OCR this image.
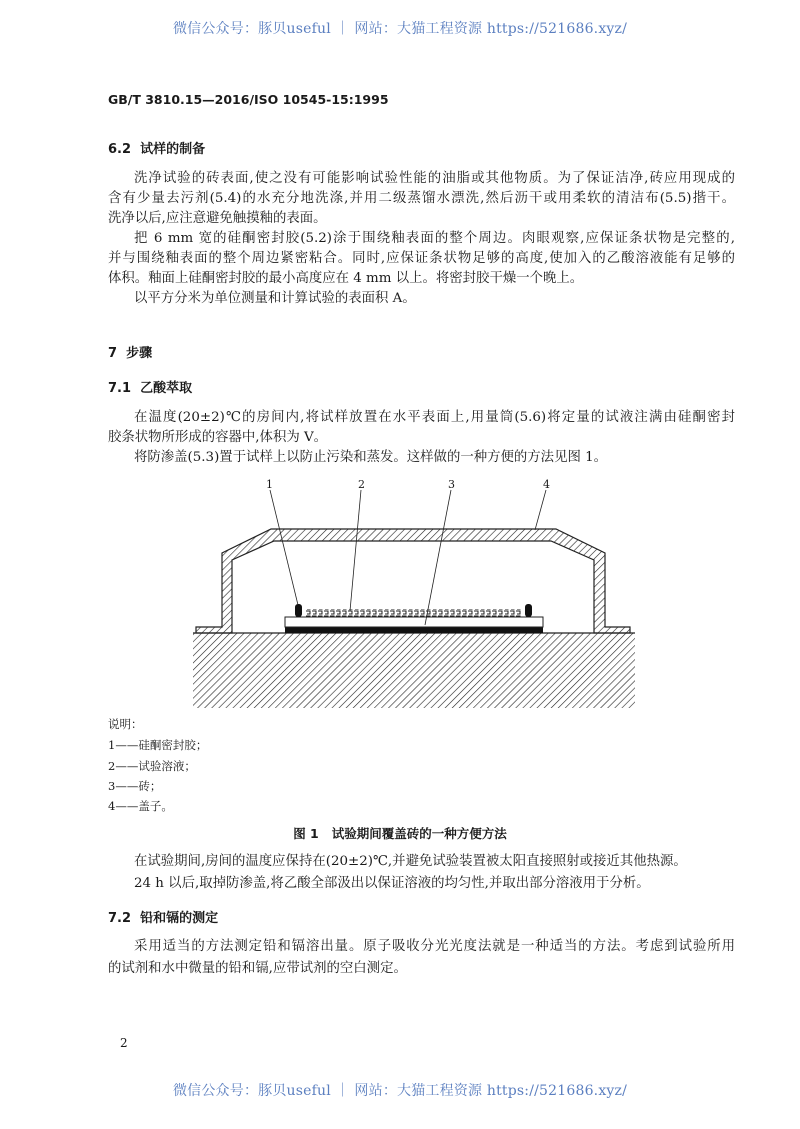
微信公众号：豚贝useful ｜ 网站：大猫工程资源 https://521686.xyz/
GB/T 3810.15—2016/ISO 10545-15:1995
6.2  试样的制备
洗净试验的砖表面,使之没有可能影响试验性能的油脂或其他物质。为了保证洁净,砖应用现成的
含有少量去污剂(5.4)的水充分地洗涤,并用二级蒸馏水漂洗,然后沥干或用柔软的清洁布(5.5)揩干。
洗净以后,应注意避免触摸釉的表面。
把 6 mm 宽的硅酮密封胶(5.2)涂于围绕釉表面的整个周边。肉眼观察,应保证条状物是完整的,
并与围绕釉表面的整个周边紧密粘合。同时,应保证条状物足够的高度,使加入的乙酸溶液能有足够的
体积。釉面上硅酮密封胶的最小高度应在 4 mm 以上。将密封胶干燥一个晚上。
以平方分米为单位测量和计算试验的表面积 A。
7  步骤
7.1  乙酸萃取
在温度(20±2)℃的房间内,将试样放置在水平表面上,用量筒(5.6)将定量的试液注满由硅酮密封
胶条状物所形成的容器中,体积为 V。
将防渗盖(5.3)置于试样上以防止污染和蒸发。这样做的一种方便的方法见图 1。
1	2	3	4
说明：
1——硅酮密封胶；
2——试验溶液；
3——砖；
4——盖子。
图 1   试验期间覆盖砖的一种方便方法
在试验期间,房间的温度应保持在(20±2)℃,并避免试验装置被太阳直接照射或接近其他热源。
24 h 以后,取掉防渗盖,将乙酸全部汲出以保证溶液的均匀性,并取出部分溶液用于分析。
7.2  铅和镉的测定
采用适当的方法测定铅和镉溶出量。原子吸收分光光度法就是一种适当的方法。考虑到试验所用
的试剂和水中微量的铅和镉,应带试剂的空白测定。
2
微信公众号：豚贝useful ｜ 网站：大猫工程资源 https://521686.xyz/
